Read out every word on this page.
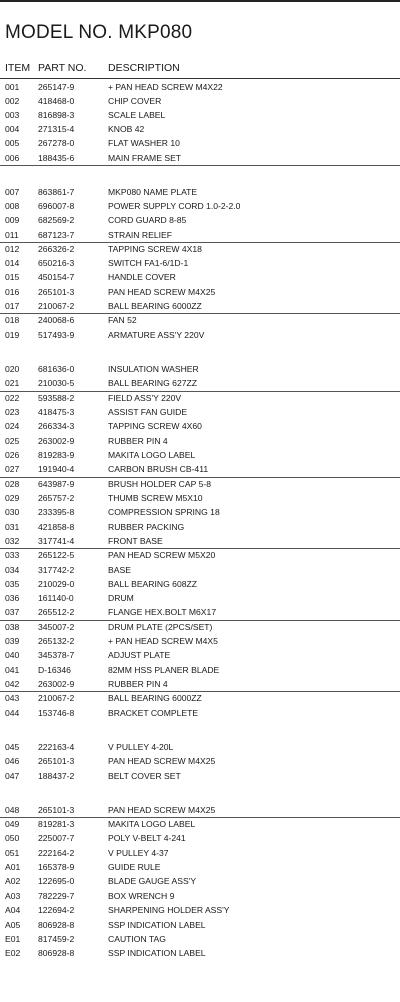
MODEL NO. MKP080
ITEM PART NO. DESCRIPTION
001 265147-9	+ PAN HEAD SCREW M4X22
002 418468-0	CHIP COVER
003 816898-3	SCALE LABEL
004 271315-4	KNOB 42
005 267278-0	FLAT WASHER 10
006 188435-6	MAIN FRAME SET
007 863861-7	MKP080 NAME PLATE
008 696007-8	POWER SUPPLY CORD 1.0-2-2.0
009 682569-2	CORD GUARD 8-85
011 687123-7	STRAIN RELIEF
012 266326-2	TAPPING SCREW 4X18
014 650216-3	SWITCH FA1-6/1D-1
015 450154-7	HANDLE COVER
016 265101-3	PAN HEAD SCREW M4X25
017 210067-2	BALL BEARING 6000ZZ
018 240068-6	FAN 52
019 517493-9	ARMATURE ASS'Y 220V
020 681636-0	INSULATION WASHER
021 210030-5	BALL BEARING 627ZZ
022 593588-2	FIELD ASS'Y 220V
023 418475-3	ASSIST FAN GUIDE
024 266334-3	TAPPING SCREW 4X60
025 263002-9	RUBBER PIN 4
026 819283-9	MAKITA LOGO LABEL
027 191940-4	CARBON BRUSH CB-411
028 643987-9	BRUSH HOLDER CAP 5-8
029 265757-2	THUMB SCREW M5X10
030 233395-8	COMPRESSION SPRING 18
031 421858-8	RUBBER PACKING
032 317741-4	FRONT BASE
033 265122-5	PAN HEAD SCREW M5X20
034 317742-2	BASE
035 210029-0	BALL BEARING 608ZZ
036 161140-0	DRUM
037 265512-2	FLANGE HEX.BOLT M6X17
038 345007-2	DRUM PLATE (2PCS/SET)
039 265132-2	+ PAN HEAD SCREW M4X5
040 345378-7	ADJUST PLATE
041 D-16346	82MM HSS PLANER BLADE
042 263002-9	RUBBER PIN 4
043 210067-2	BALL BEARING 6000ZZ
044 153746-8	BRACKET COMPLETE
045 222163-4	V PULLEY 4-20L
046 265101-3	PAN HEAD SCREW M4X25
047 188437-2	BELT COVER SET
048 265101-3	PAN HEAD SCREW M4X25
049 819281-3	MAKITA LOGO LABEL
050 225007-7	POLY V-BELT 4-241
051 222164-2	V PULLEY 4-37
A01 165378-9	GUIDE RULE
A02 122695-0	BLADE GAUGE ASS'Y
A03 782229-7	BOX WRENCH 9
A04 122694-2	SHARPENING HOLDER ASS'Y
A05 806928-8	SSP INDICATION LABEL
E01 817459-2	CAUTION TAG
E02 806928-8	SSP INDICATION LABEL
